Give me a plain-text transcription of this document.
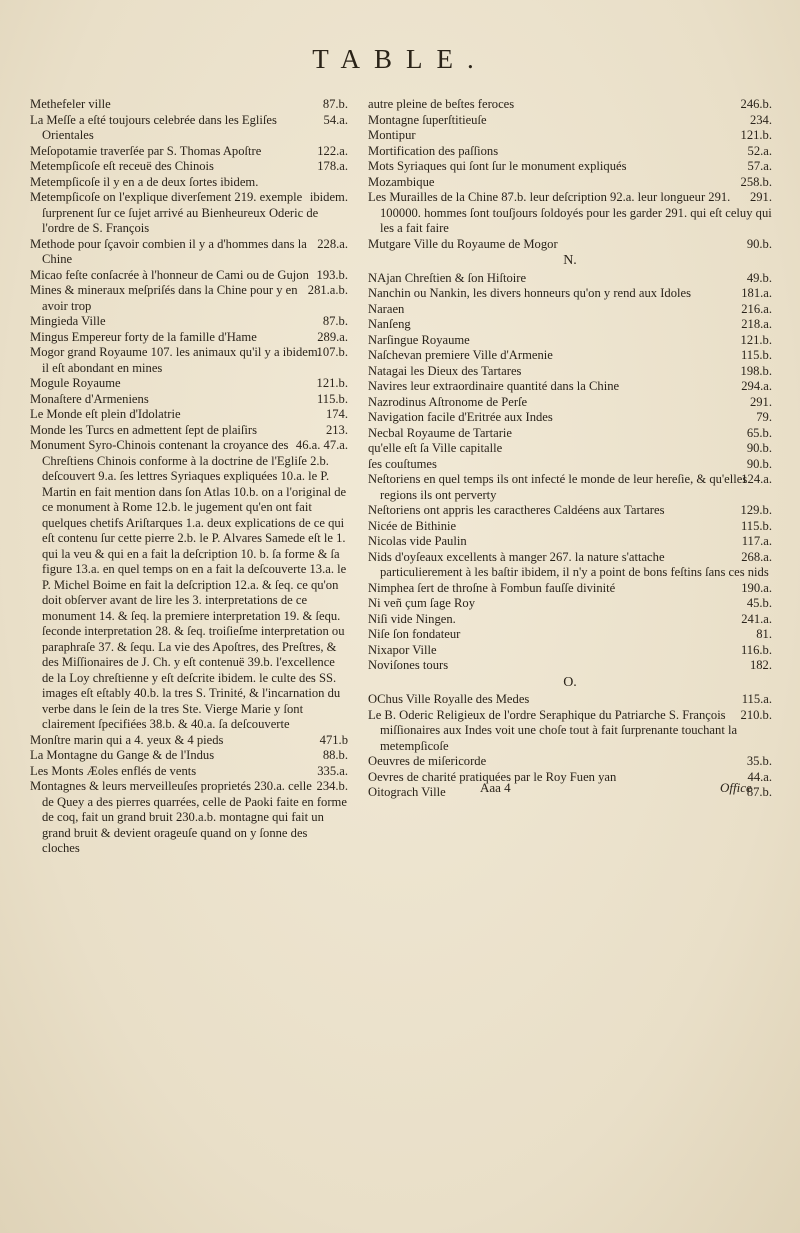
TABLE.
87.b.
Methefeler ville
54.a.
La Meſſe a eſté toujours celebrée dans les Egliſes Orientales
122.a.
Meſopotamie traverſée par S. Thomas Apoſtre
178.a.
Metempſicoſe eſt receuë des Chinois
Metempſicoſe il y en a de deux ſortes ibidem.
ibidem.
Metempſicoſe on l'explique diverſement 219. exemple ſurprenent ſur ce ſujet arrivé au Bienheureux Oderic de l'ordre de S. François
228.a.
Methode pour ſçavoir combien il y a d'hommes dans la Chine
193.b.
Micao feſte conſacrée à l'honneur de Cami ou de Gujon
281.a.b.
Mines & mineraux meſpriſés dans la Chine pour y en avoir trop
87.b.
Mingieda Ville
289.a.
Mingus Empereur forty de la famille d'Hame
107.b.
Mogor grand Royaume 107. les animaux qu'il y a ibidem. il eſt abondant en mines
121.b.
Mogule Royaume
115.b.
Monaſtere d'Armeniens
174.
Le Monde eſt plein d'Idolatrie
213.
Monde les Turcs en admettent ſept de plaiſirs
46.a. 47.a.
Monument Syro-Chinois contenant la croyance des Chreſtiens Chinois conforme à la doctrine de l'Egliſe 2.b. deſcouvert 9.a. ſes lettres Syriaques expliquées 10.a. le P. Martin en fait mention dans ſon Atlas 10.b. on a l'original de ce monument à Rome 12.b. le jugement qu'en ont fait quelques chetifs Ariſtarques 1.a. deux explications de ce qui eſt contenu ſur cette pierre 2.b. le P. Alvares Samede eſt le 1. qui la veu & qui en a fait la deſcription 10. b. ſa forme & ſa figure 13.a. en quel temps on en a fait la deſcouverte 13.a. le P. Michel Boime en fait la deſcription 12.a. & ſeq. ce qu'on doit obſerver avant de lire les 3. interpretations de ce monument 14. & ſeq. la premiere interpretation 19. & ſequ. ſeconde interpretation 28. & ſeq. troiſieſme interpretation ou paraphraſe 37. & ſequ. La vie des Apoſtres, des Preſtres, & des Miſſionaires de J. Ch. y eſt contenuë 39.b. l'excellence de la Loy chreſtienne y eſt deſcrite ibidem. le culte des SS. images eſt eſtably 40.b. la tres S. Trinité, & l'incarnation du verbe dans le ſein de la tres Ste. Vierge Marie y ſont clairement ſpecifiées 38.b. & 40.a. ſa deſcouverte
471.b
Monſtre marin qui a 4. yeux & 4 pieds
88.b.
La Montagne du Gange & de l'Indus
335.a.
Les Monts Æoles enflés de vents
234.b.
Montagnes & leurs merveilleuſes proprietés 230.a. celle de Quey a des pierres quarrées, celle de Paoki faite en forme de coq, fait un grand bruit 230.a.b. montagne qui fait un grand bruit & devient orageuſe quand on y ſonne des cloches
246.b.
autre pleine de beſtes feroces
234.
Montagne ſuperſtitieuſe
121.b.
Montipur
52.a.
Mortification des paſſions
57.a.
Mots Syriaques qui ſont ſur le monument expliqués
258.b.
Mozambique
291.
Les Murailles de la Chine 87.b. leur deſcription 92.a. leur longueur 291. 100000. hommes ſont touſjours ſoldoyés pour les garder 291. qui eſt celuy qui les a fait faire
90.b.
Mutgare Ville du Royaume de Mogor
N.
49.b.
NAjan Chreſtien & ſon Hiſtoire
181.a.
Nanchin ou Nankin, les divers honneurs qu'on y rend aux Idoles
216.a.
Naraen
218.a.
Nanſeng
121.b.
Narſingue Royaume
115.b.
Naſchevan premiere Ville d'Armenie
198.b.
Natagai les Dieux des Tartares
294.a.
Navires leur extraordinaire quantité dans la Chine
291.
Nazrodinus Aſtronome de Perſe
79.
Navigation facile d'Eritrée aux Indes
65.b.
Necbal Royaume de Tartarie
90.b.
qu'elle eſt ſa Ville capitalle
90.b.
ſes couſtumes
124.a.
Neſtoriens en quel temps ils ont infecté le monde de leur hereſie, & qu'elles regions ils ont perverty
129.b.
Neſtoriens ont appris les caractheres Caldéens aux Tartares
115.b.
Nicée de Bithinie
117.a.
Nicolas vide Paulin
268.a.
Nids d'oyſeaux excellents à manger 267. la nature s'attache particulierement à les baſtir ibidem, il n'y a point de bons feſtins ſans ces nids
190.a.
Nimphea ſert de throſne à Fombun fauſſe divinité
45.b.
Ni veñ çum ſage Roy
241.a.
Niſi vide Ningen.
81.
Niſe ſon fondateur
116.b.
Nixapor Ville
182.
Noviſones tours
O.
115.a.
OChus Ville Royalle des Medes
210.b.
Le B. Oderic Religieux de l'ordre Seraphique du Patriarche S. François miſſionaires aux Indes voit une choſe tout à fait ſurprenante touchant la metempſicoſe
35.b.
Oeuvres de miſericorde
44.a.
Oevres de charité pratiquées par le Roy Fuen yan
87.b.
Oitograch Ville	Aaa 4	Office
